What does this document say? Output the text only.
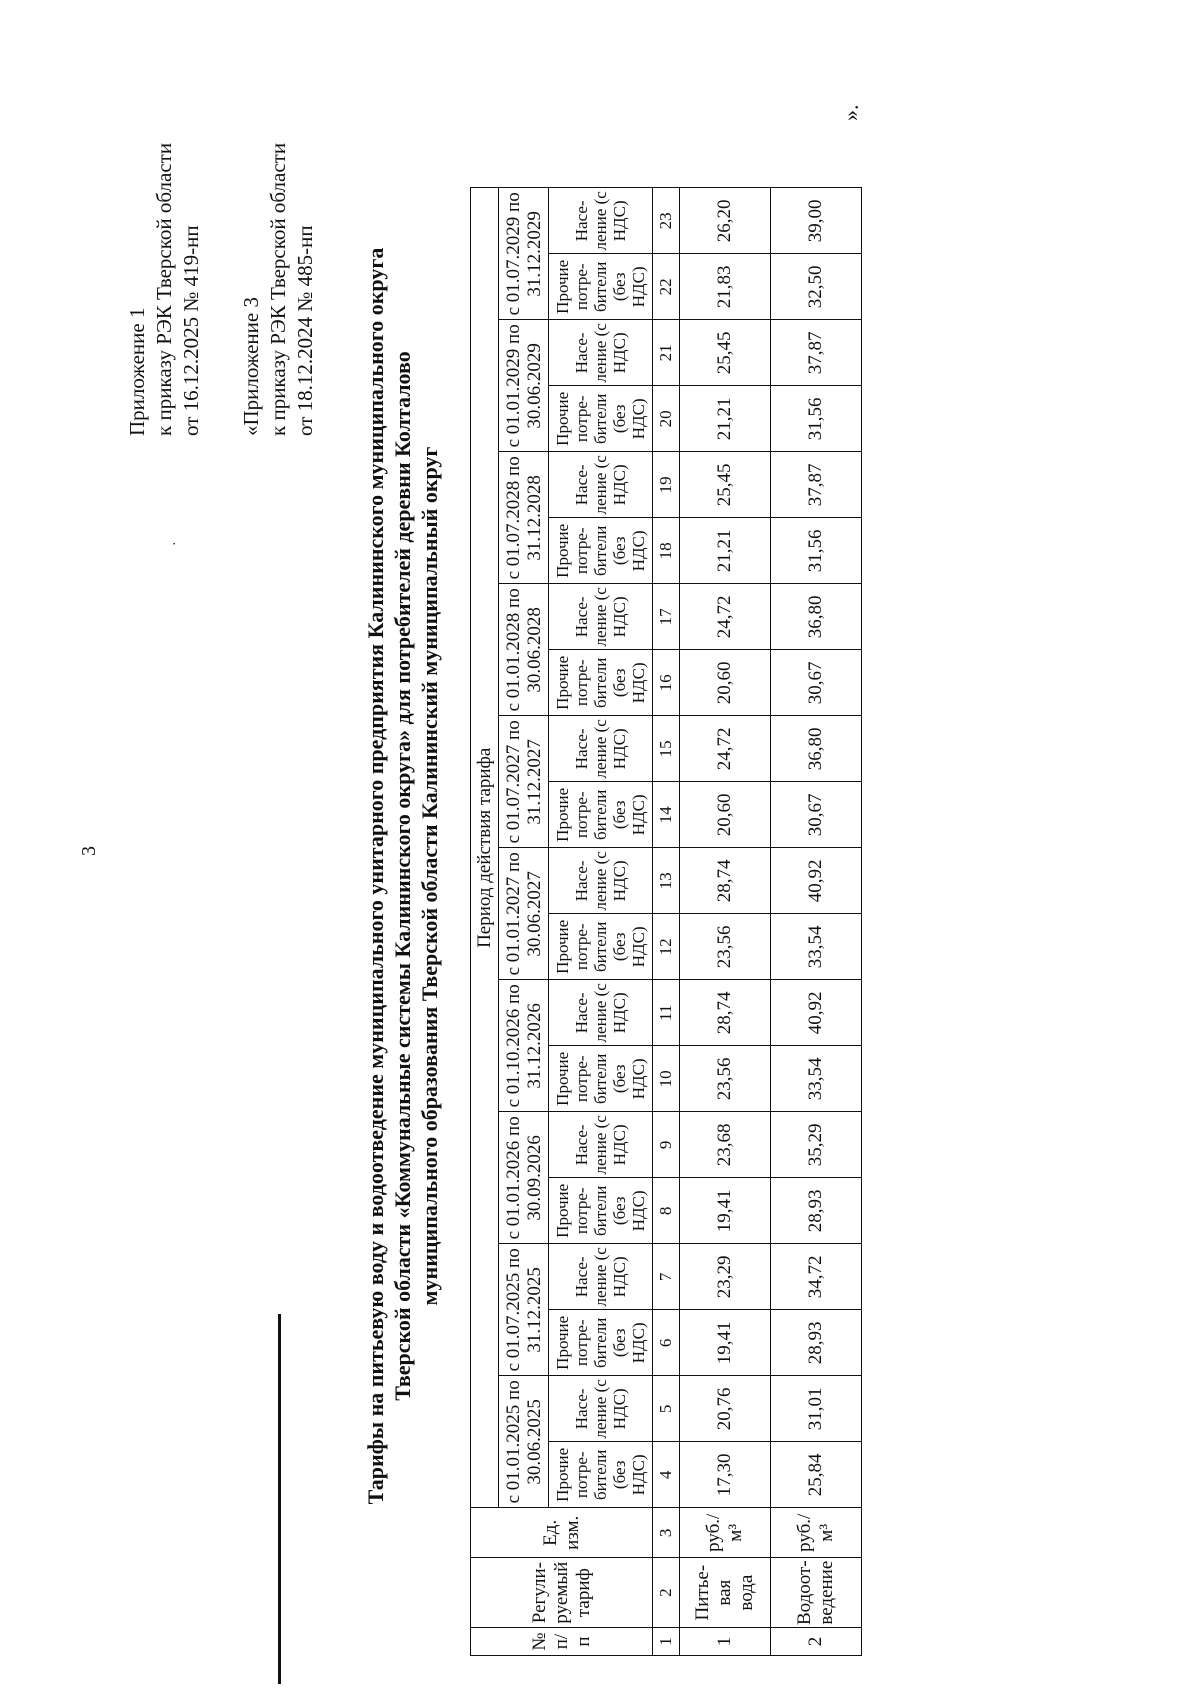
3
·
Приложение 1 к приказу РЭК Тверской области от 16.12.2025 № 419-нп «Приложение 3 к приказу РЭК Тверской области от 18.12.2024 № 485-нп Тарифы на питьевую воду и водоотведение муниципального унитарного предприятия Калининского муниципального округа Тверской области «Коммунальные системы Калининского округа» для потребителей деревни Колталово муниципального образования Тверской области Калининский муниципальный округ
№ п/п	Регули-руемый тариф	Ед. изм.	Период действия тарифа																			
			с 01.01.2025 по 30.06.2025		с 01.07.2025 по 31.12.2025		с 01.01.2026 по 30.09.2026		с 01.10.2026 по 31.12.2026		с 01.01.2027 по 30.06.2027		с 01.07.2027 по 31.12.2027		с 01.01.2028 по 30.06.2028		с 01.07.2028 по 31.12.2028		с 01.01.2029 по 30.06.2029		с 01.07.2029 по 31.12.2029	
			Прочие потре-бители (без НДС)	Насе-ление (с НДС)	Прочие потре-бители (без НДС)	Насе-ление (с НДС)	Прочие потре-бители (без НДС)	Насе-ление (с НДС)	Прочие потре-бители (без НДС)	Насе-ление (с НДС)	Прочие потре-бители (без НДС)	Насе-ление (с НДС)	Прочие потре-бители (без НДС)	Насе-ление (с НДС)	Прочие потре-бители (без НДС)	Насе-ление (с НДС)	Прочие потре-бители (без НДС)	Насе-ление (с НДС)	Прочие потре-бители (без НДС)	Насе-ление (с НДС)	Прочие потре-бители (без НДС)	Насе-ление (с НДС)
1	2	3	4	5	6	7	8	9	10	11	12	13	14	15	16	17	18	19	20	21	22	23
1	Питье-вая вода	руб./м³	17,30	20,76	19,41	23,29	19,41	23,68	23,56	28,74	23,56	28,74	20,60	24,72	20,60	24,72	21,21	25,45	21,21	25,45	21,83	26,20
2	Водоот-ведение	руб./м³	25,84	31,01	28,93	34,72	28,93	35,29	33,54	40,92	33,54	40,92	30,67	36,80	30,67	36,80	31,56	37,87	31,56	37,87	32,50	39,00
».
